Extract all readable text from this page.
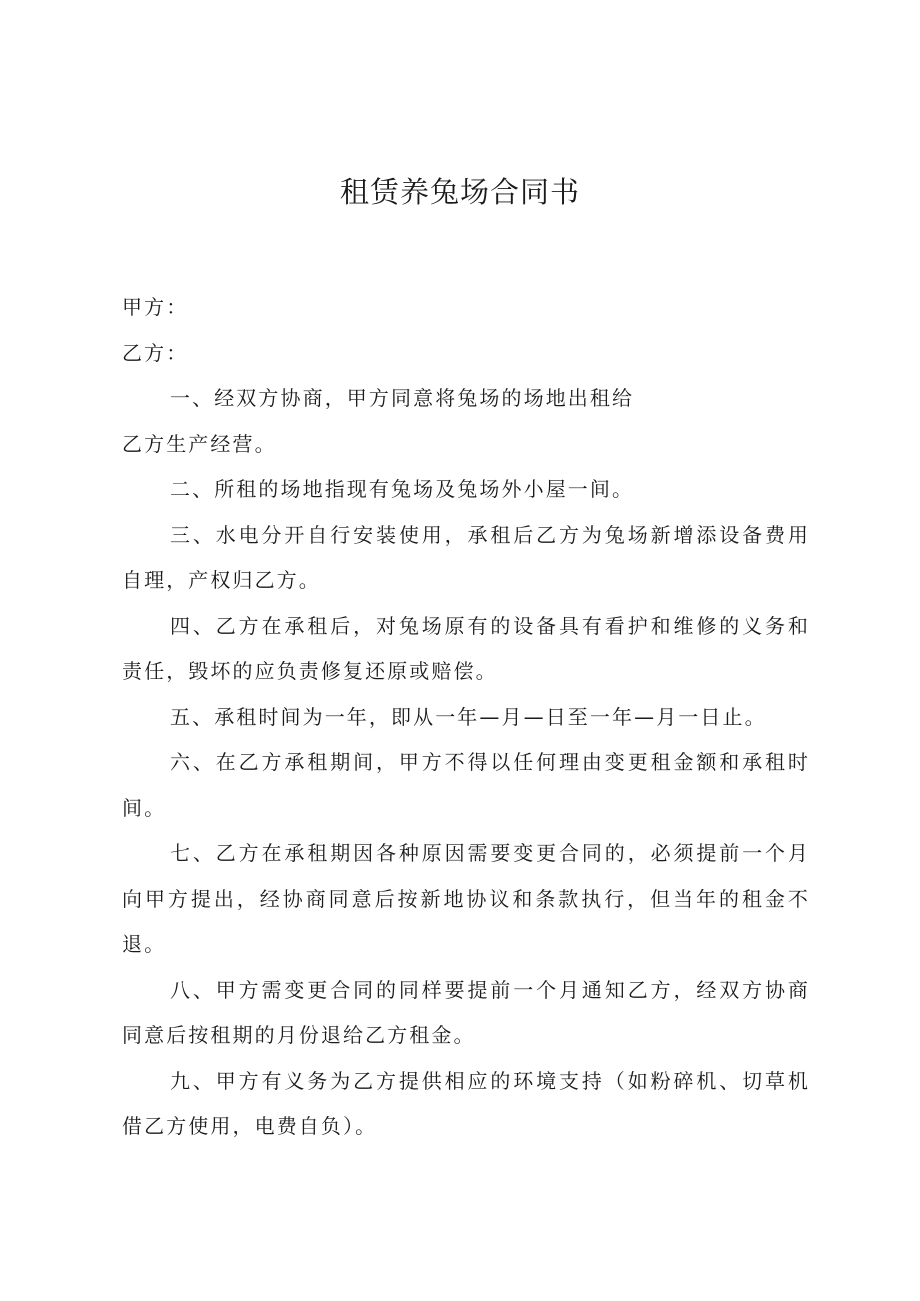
租赁养兔场合同书

甲方：

乙方：

一、经双方协商，甲方同意将兔场的场地出租给

乙方生产经营。

二、所租的场地指现有兔场及兔场外小屋一间。

三、水电分开自行安装使用，承租后乙方为兔场新增添设备费用自理，产权归乙方。

四、乙方在承租后，对兔场原有的设备具有看护和维修的义务和责任，毁坏的应负责修复还原或赔偿。

五、承租时间为一年，即从一年—月—日至一年—月一日止。

六、在乙方承租期间，甲方不得以任何理由变更租金额和承租时间。

七、乙方在承租期因各种原因需要变更合同的，必须提前一个月向甲方提出，经协商同意后按新地协议和条款执行，但当年的租金不退。

八、甲方需变更合同的同样要提前一个月通知乙方，经双方协商同意后按租期的月份退给乙方租金。

九、甲方有义务为乙方提供相应的环境支持（如粉碎机、切草机借乙方使用，电费自负）。
